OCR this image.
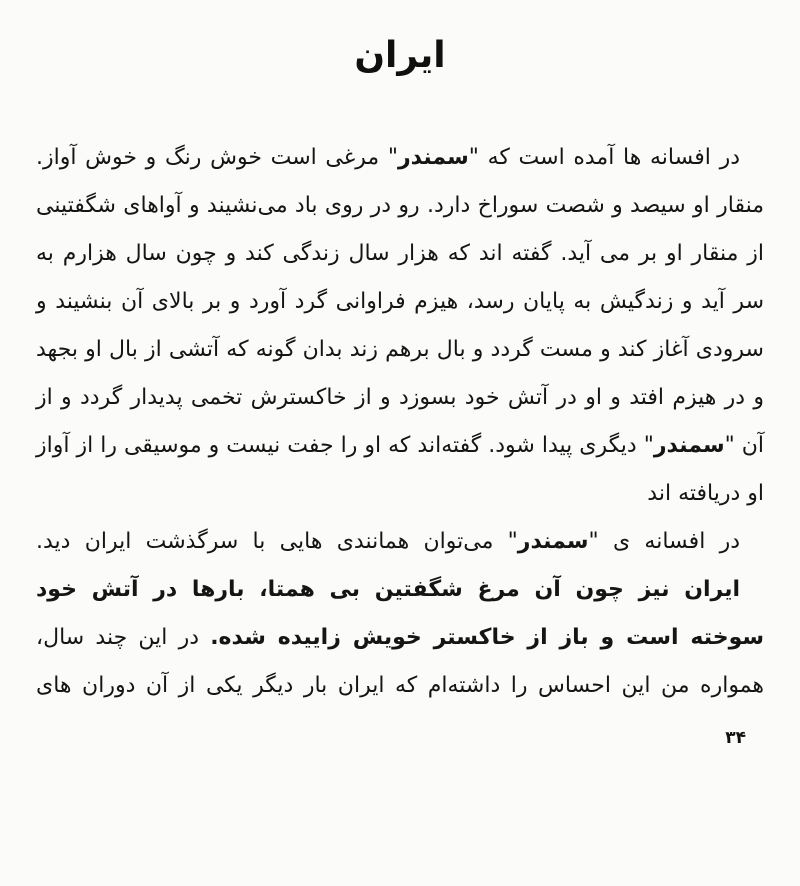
ایران

در افسانه ها آمده است که "سمندر" مرغی است خوش رنگ و خوش آواز. منقار او سیصد و شصت سوراخ دارد. رو در روی باد می‌نشیند و آواهای شگفتینی از منقار او بر می آید. گفته اند که هزار سال زندگی کند و چون سال هزارم به سر آید و زندگیش به پایان رسد، هیزم فراوانی گرد آورد و بر بالای آن بنشیند و سرودی آغاز کند و مست گردد و بال برهم زند بدان گونه که آتشی از بال او بجهد و در هیزم افتد و او در آتش خود بسوزد و از خاکسترش تخمی پدیدار گردد و از آن "سمندر" دیگری پیدا شود. گفته‌اند که او را جفت نیست و موسیقی را از آواز او دریافته اند

در افسانه ی "سمندر" می‌توان همانندی هایی با سرگذشت ایران دید.

ایران نیز چون آن مرغ شگفتین بی همتا، بارها در آتش خود سوخته است و باز از خاکستر خویش زاییده شده. در این چند سال، همواره من این احساس را داشته‌ام که ایران بار دیگر یکی از آن دوران های

۳۴
